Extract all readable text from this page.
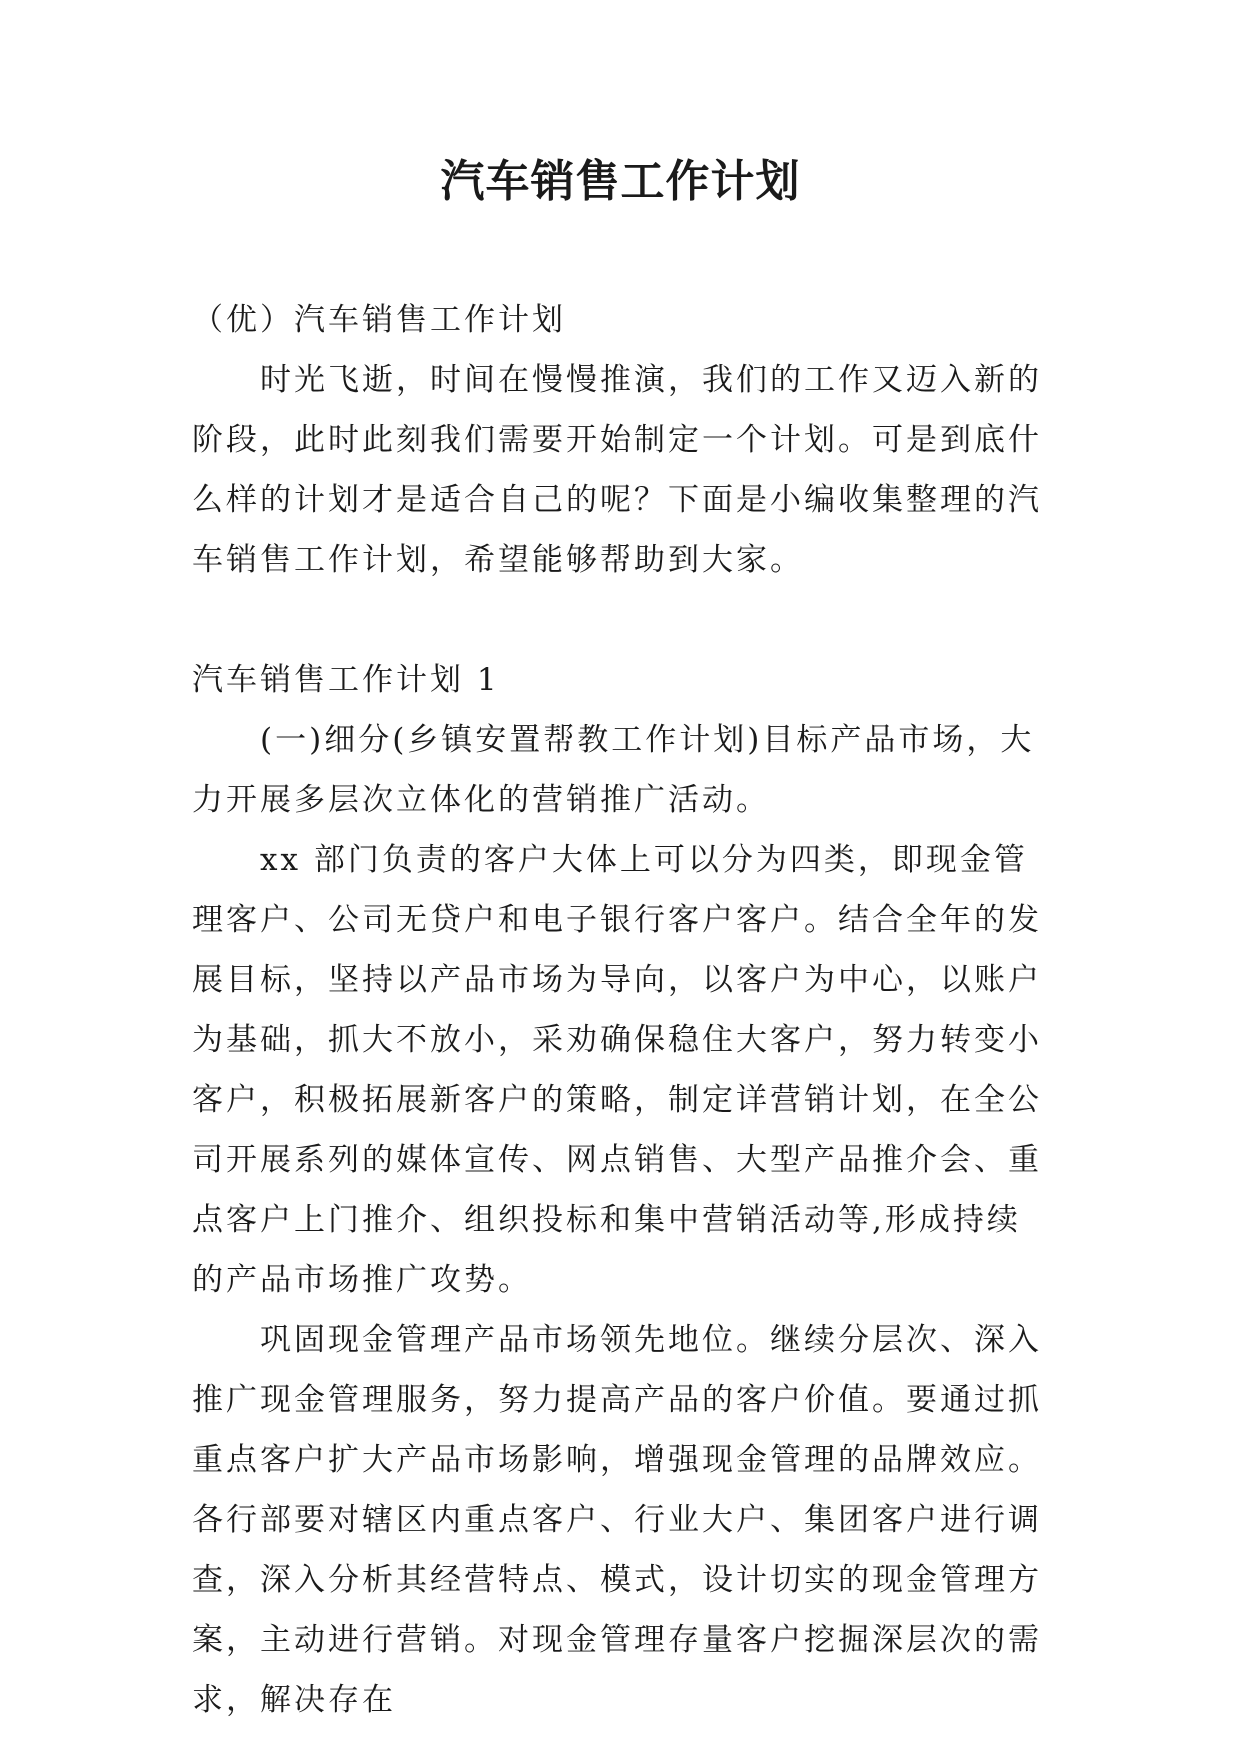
汽车销售工作计划

（优）汽车销售工作计划

时光飞逝，时间在慢慢推演，我们的工作又迈入新的阶段，此时此刻我们需要开始制定一个计划。可是到底什么样的计划才是适合自己的呢？下面是小编收集整理的汽车销售工作计划，希望能够帮助到大家。

汽车销售工作计划 1

(一)细分(乡镇安置帮教工作计划)目标产品市场，大力开展多层次立体化的营销推广活动。

xx 部门负责的客户大体上可以分为四类，即现金管理客户、公司无贷户和电子银行客户客户。结合全年的发展目标，坚持以产品市场为导向，以客户为中心，以账户为基础，抓大不放小，采劝确保稳住大客户，努力转变小客户，积极拓展新客户的策略，制定详营销计划，在全公司开展系列的媒体宣传、网点销售、大型产品推介会、重点客户上门推介、组织投标和集中营销活动等,形成持续的产品市场推广攻势。

巩固现金管理产品市场领先地位。继续分层次、深入推广现金管理服务，努力提高产品的客户价值。要通过抓重点客户扩大产品市场影响，增强现金管理的品牌效应。各行部要对辖区内重点客户、行业大户、集团客户进行调查，深入分析其经营特点、模式，设计切实的现金管理方案，主动进行营销。对现金管理存量客户挖掘深层次的需求，解决存在
